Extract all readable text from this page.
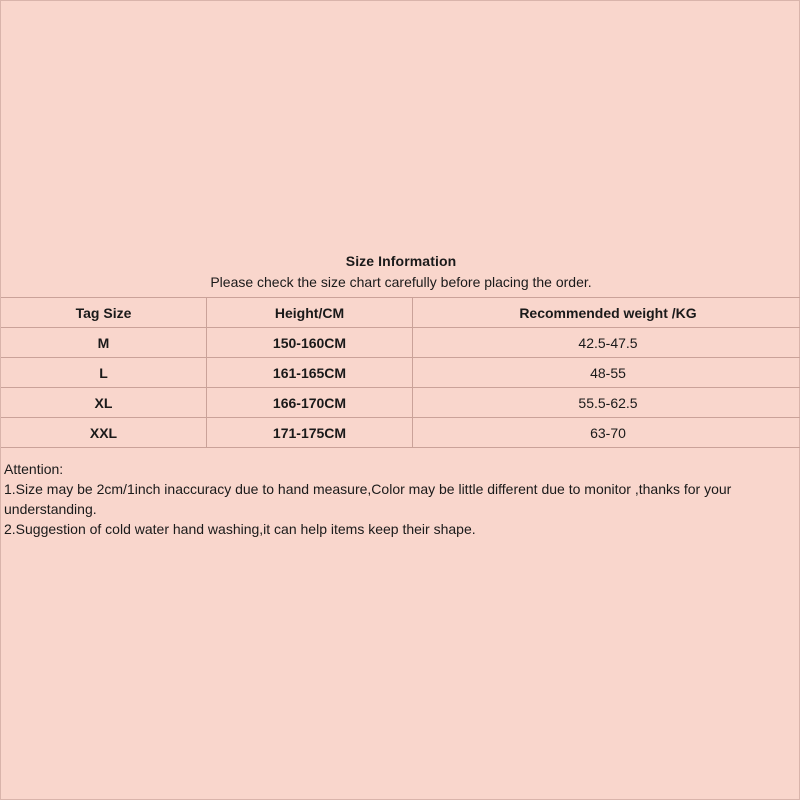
Size Information
Please check the size chart carefully before placing the order.
Tag Size	Height/CM	Recommended weight /KG
M	150-160CM	42.5-47.5
L	161-165CM	48-55
XL	166-170CM	55.5-62.5
XXL	171-175CM	63-70
Attention:
1.Size may be 2cm/1inch inaccuracy due to hand measure,Color may be little different due to monitor ,thanks for your understanding.
2.Suggestion of cold water hand washing,it can help items keep their shape.
